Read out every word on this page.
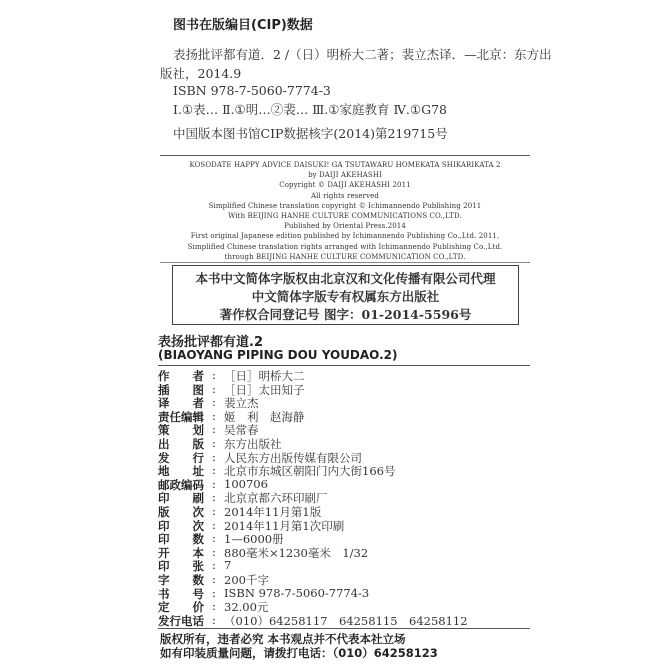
图书在版编目(CIP)数据
表扬批评都有道．2 /（日）明桥大二著；裴立杰译．—北京：东方出
版社，2014.9
ISBN 978-7-5060-7774-3
Ⅰ.①表… Ⅱ.①明…②裴… Ⅲ.①家庭教育 Ⅳ.①G78
中国版本图书馆CIP数据核字(2014)第219715号
KOSODATE HAPPY ADVICE DAISUKI! GA TSUTAWARU HOMEKATA SHIKARIKATA 2
by DAIJI AKEHASHI
Copyright © DAIJI AKEHASHI 2011
All rights reserved
Simplified Chinese translation copyright © Ichimannendo Publishing 2011
With BEIJING HANHE CULTURE COMMUNICATIONS CO.,LTD.
Published by Oriental Press.2014
First original Japanese edition published by Ichimannendo Publishing Co.,Ltd. 2011,
Simplified Chinese translation rights arranged with Ichimannendo Publishing Co.,Ltd.
through BEIJING HANHE CULTURE COMMUNICATION CO.,LTD.
本书中文简体字版权由北京汉和文化传播有限公司代理
中文简体字版专有权属东方出版社
著作权合同登记号 图字：01-2014-5596号
表扬批评都有道.2
(BIAOYANG PIPING DOU YOUDAO.2)
作　　者 : ［日］明桥大二
插　　图 : ［日］太田知子
译　　者 : 裴立杰
责任编辑 : 姬　利　赵海静
策　　划 : 吴常春
出　　版 : 东方出版社
发　　行 : 人民东方出版传媒有限公司
地　　址 : 北京市东城区朝阳门内大街166号
邮政编码 : 100706
印　　刷 : 北京京都六环印刷厂
版　　次 : 2014年11月第1版
印　　次 : 2014年11月第1次印刷
印　　数 : 1—6000册
开　　本 : 880毫米×1230毫米　1/32
印　　张 : 7
字　　数 : 200千字
书　　号 : ISBN 978-7-5060-7774-3
定　　价 : 32.00元
发行电话 : （010）64258117　64258115　64258112
版权所有，违者必究 本书观点并不代表本社立场
如有印装质量问题，请拨打电话：（010）64258123
